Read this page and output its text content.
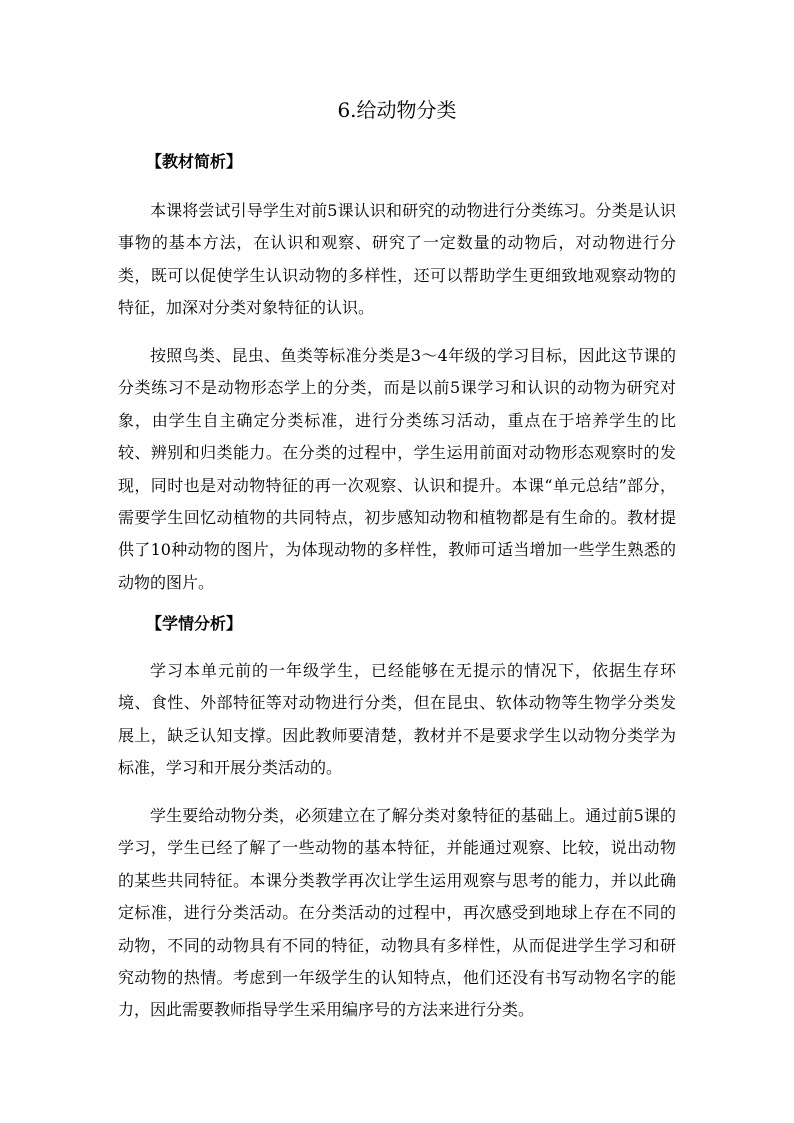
6.给动物分类
【教材简析】

本课将尝试引导学生对前5课认识和研究的动物进行分类练习。分类是认识事物的基本方法，在认识和观察、研究了一定数量的动物后，对动物进行分类，既可以促使学生认识动物的多样性，还可以帮助学生更细致地观察动物的特征，加深对分类对象特征的认识。

按照鸟类、昆虫、鱼类等标准分类是3～4年级的学习目标，因此这节课的分类练习不是动物形态学上的分类，而是以前5课学习和认识的动物为研究对象，由学生自主确定分类标准，进行分类练习活动，重点在于培养学生的比较、辨别和归类能力。在分类的过程中，学生运用前面对动物形态观察时的发现，同时也是对动物特征的再一次观察、认识和提升。本课“单元总结”部分，需要学生回忆动植物的共同特点，初步感知动物和植物都是有生命的。教材提供了10种动物的图片，为体现动物的多样性，教师可适当增加一些学生熟悉的动物的图片。

【学情分析】

学习本单元前的一年级学生，已经能够在无提示的情况下，依据生存环境、食性、外部特征等对动物进行分类，但在昆虫、软体动物等生物学分类发展上，缺乏认知支撑。因此教师要清楚，教材并不是要求学生以动物分类学为标准，学习和开展分类活动的。

学生要给动物分类，必须建立在了解分类对象特征的基础上。通过前5课的学习，学生已经了解了一些动物的基本特征，并能通过观察、比较，说出动物的某些共同特征。本课分类教学再次让学生运用观察与思考的能力，并以此确定标准，进行分类活动。在分类活动的过程中，再次感受到地球上存在不同的动物，不同的动物具有不同的特征，动物具有多样性，从而促进学生学习和研究动物的热情。考虑到一年级学生的认知特点，他们还没有书写动物名字的能力，因此需要教师指导学生采用编序号的方法来进行分类。
